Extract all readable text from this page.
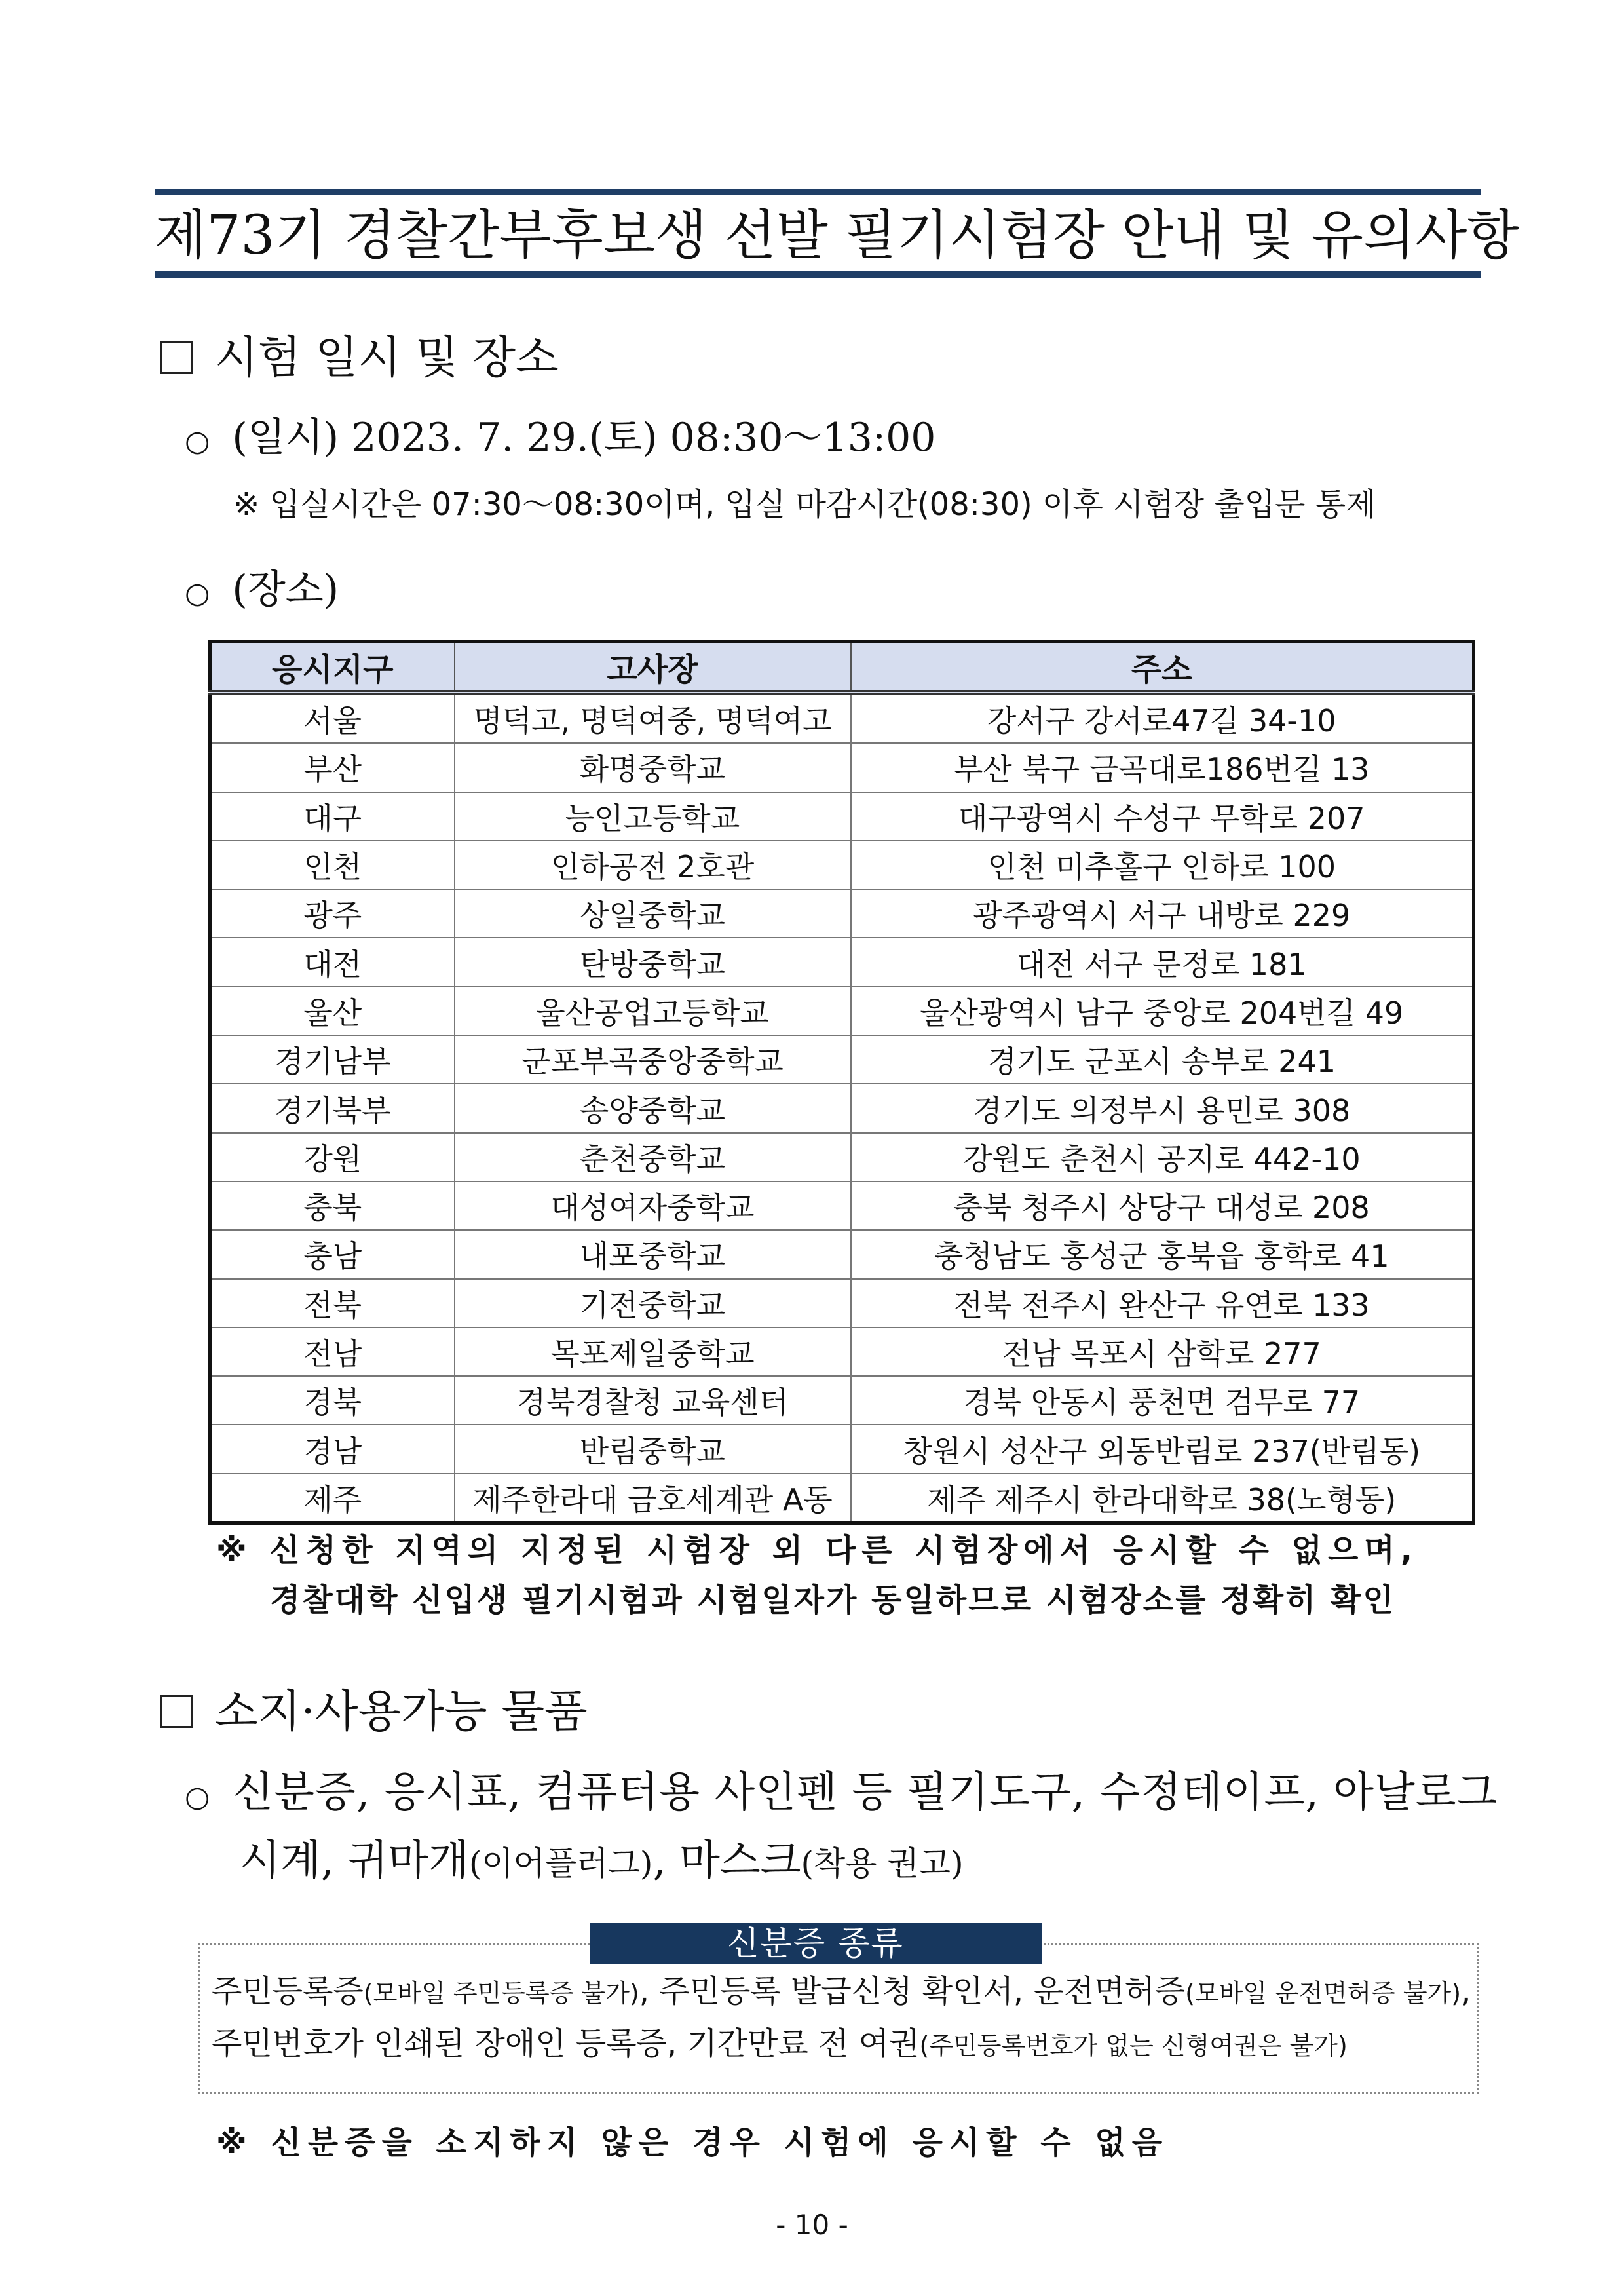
제73기 경찰간부후보생 선발 필기시험장 안내 및 유의사항
시험 일시 및 장소
○ (일시) 2023. 7. 29.(토) 08:30～13:00
※ 입실시간은 07:30～08:30이며, 입실 마감시간(08:30) 이후 시험장 출입문 통제
○ (장소)
응시지구	고사장	주소
서울	명덕고, 명덕여중, 명덕여고	강서구 강서로47길 34-10
부산	화명중학교	부산 북구 금곡대로186번길 13
대구	능인고등학교	대구광역시 수성구 무학로 207
인천	인하공전 2호관	인천 미추홀구 인하로 100
광주	상일중학교	광주광역시 서구 내방로 229
대전	탄방중학교	대전 서구 문정로 181
울산	울산공업고등학교	울산광역시 남구 중앙로 204번길 49
경기남부	군포부곡중앙중학교	경기도 군포시 송부로 241
경기북부	송양중학교	경기도 의정부시 용민로 308
강원	춘천중학교	강원도 춘천시 공지로 442-10
충북	대성여자중학교	충북 청주시 상당구 대성로 208
충남	내포중학교	충청남도 홍성군 홍북읍 홍학로 41
전북	기전중학교	전북 전주시 완산구 유연로 133
전남	목포제일중학교	전남 목포시 삼학로 277
경북	경북경찰청 교육센터	경북 안동시 풍천면 검무로 77
경남	반림중학교	창원시 성산구 외동반림로 237(반림동)
제주	제주한라대 금호세계관 A동	제주 제주시 한라대학로 38(노형동)
※ 신청한 지역의 지정된 시험장 외 다른 시험장에서 응시할 수 없으며,
경찰대학 신입생 필기시험과 시험일자가 동일하므로 시험장소를 정확히 확인
소지·사용가능 물품
○ 신분증, 응시표, 컴퓨터용 사인펜 등 필기도구, 수정테이프, 아날로그
시계, 귀마개(이어플러그), 마스크(착용 권고)
주민등록증(모바일 주민등록증 불가), 주민등록 발급신청 확인서, 운전면허증(모바일 운전면허증 불가),
주민번호가 인쇄된 장애인 등록증, 기간만료 전 여권(주민등록번호가 없는 신형여권은 불가)
신분증 종류
※ 신분증을 소지하지 않은 경우 시험에 응시할 수 없음
- 10 -
